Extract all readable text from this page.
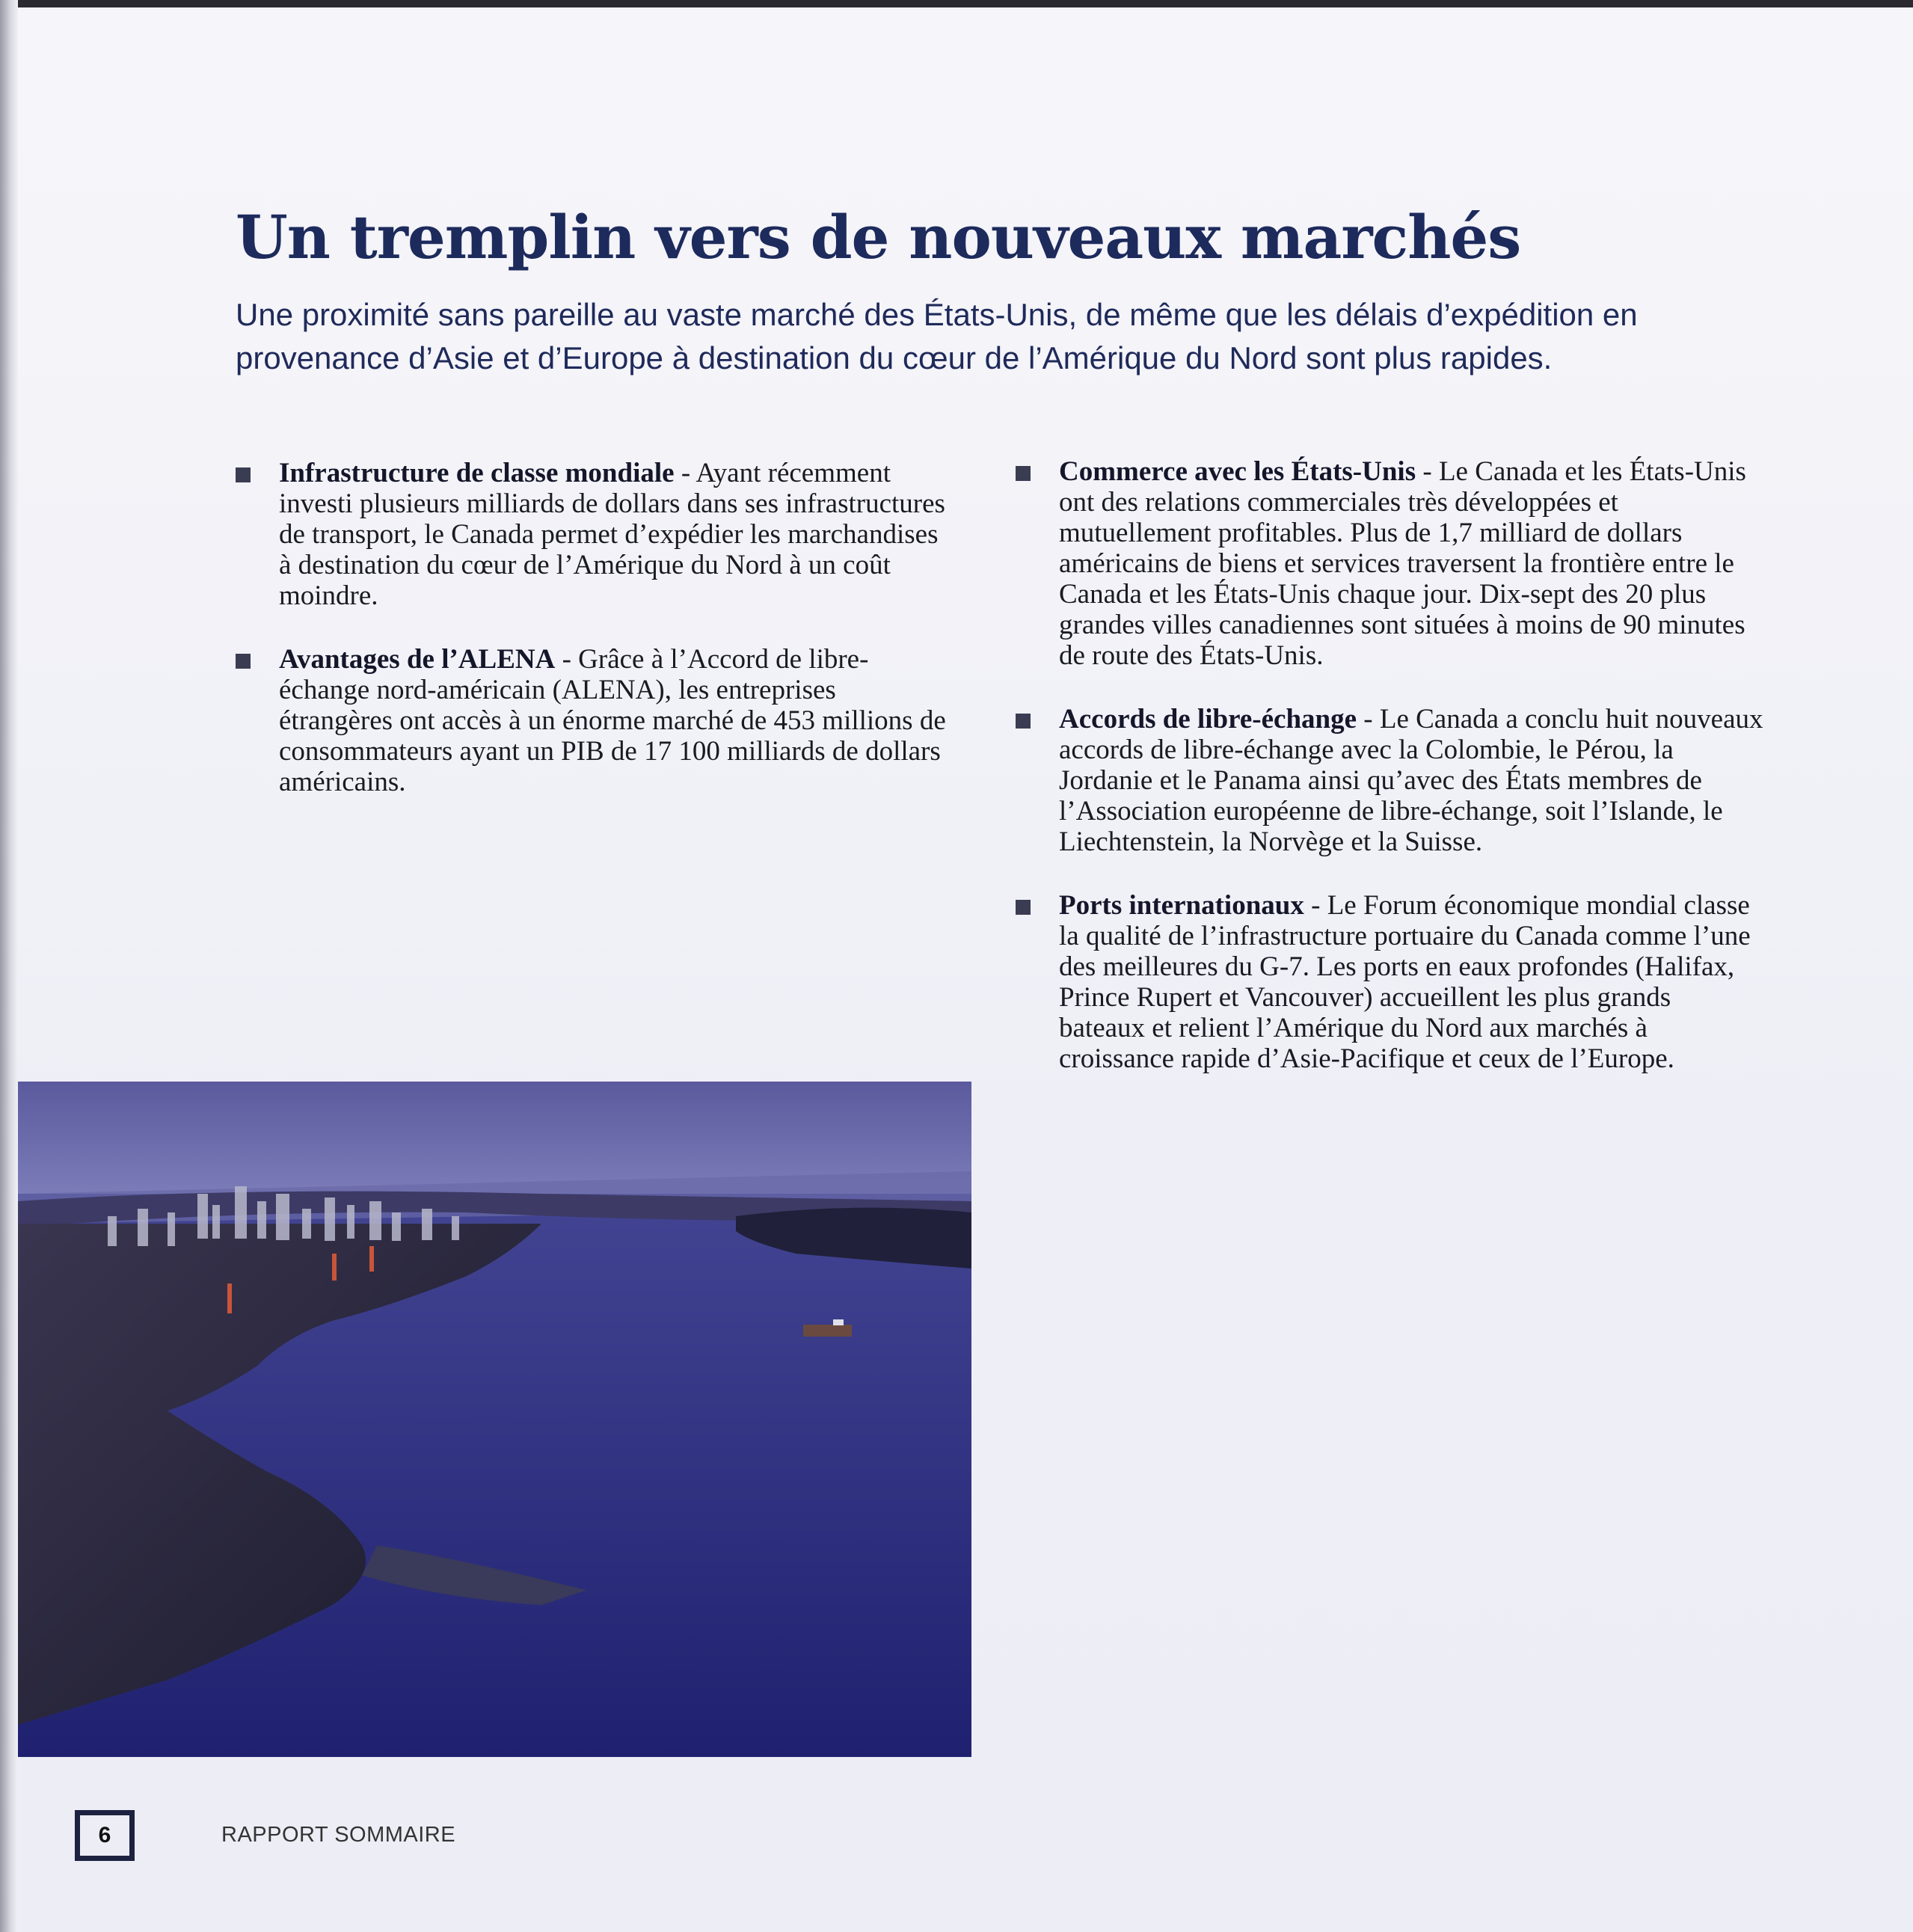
Un tremplin vers de nouveaux marchés

Une proximité sans pareille au vaste marché des États-Unis, de même que les délais d’expédition en provenance d’Asie et d’Europe à destination du cœur de l’Amérique du Nord sont plus rapides.

Infrastructure de classe mondiale - Ayant récemment investi plusieurs milliards de dollars dans ses infrastructures de transport, le Canada permet d’expédier les marchandises à destination du cœur de l’Amérique du Nord à un coût moindre.

Avantages de l’ALENA - Grâce à l’Accord de libre-échange nord-américain (ALENA), les entreprises étrangères ont accès à un énorme marché de 453 millions de consommateurs ayant un PIB de 17 100 milliards de dollars américains.

Commerce avec les États-Unis - Le Canada et les États-Unis ont des relations commerciales très développées et mutuellement profitables. Plus de 1,7 milliard de dollars américains de biens et services traversent la frontière entre le Canada et les États-Unis chaque jour. Dix-sept des 20 plus grandes villes canadiennes sont situées à moins de 90 minutes de route des États-Unis.

Accords de libre-échange - Le Canada a conclu huit nouveaux accords de libre-échange avec la Colombie, le Pérou, la Jordanie et le Panama ainsi qu’avec des États membres de l’Association européenne de libre-échange, soit l’Islande, le Liechtenstein, la Norvège et la Suisse.

Ports internationaux - Le Forum économique mondial classe la qualité de l’infrastructure portuaire du Canada comme l’une des meilleures du G-7. Les ports en eaux profondes (Halifax, Prince Rupert et Vancouver) accueillent les plus grands bateaux et relient l’Amérique du Nord aux marchés à croissance rapide d’Asie-Pacifique et ceux de l’Europe.

6	RAPPORT SOMMAIRE
